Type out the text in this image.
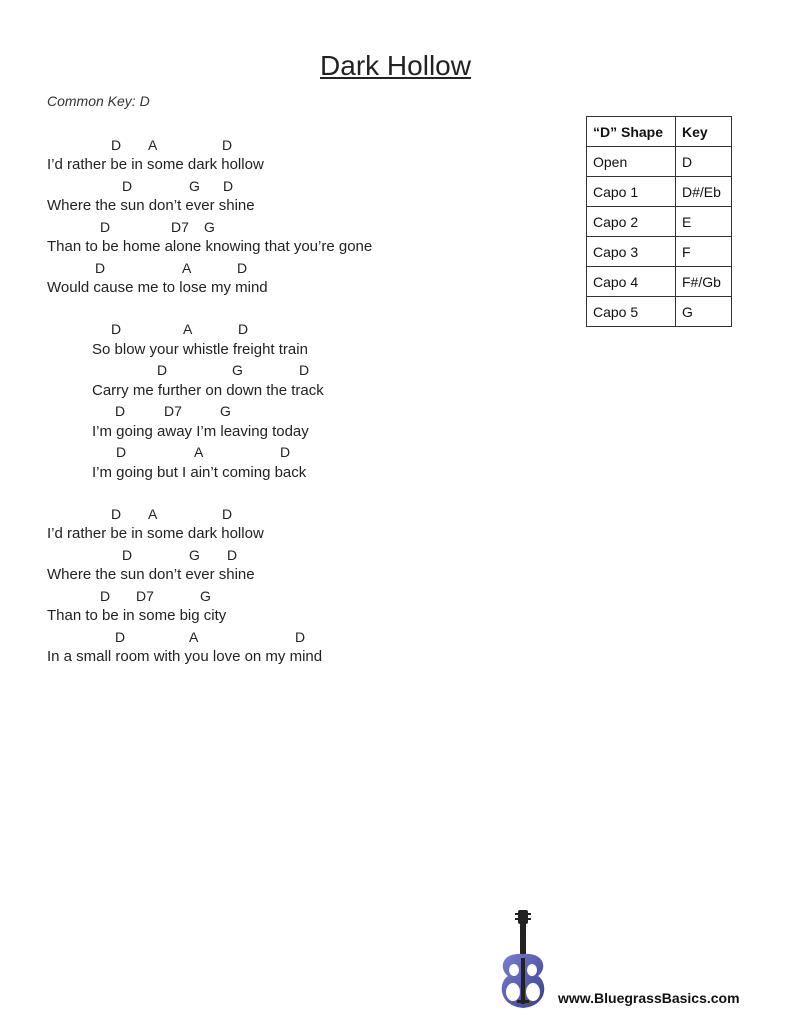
Dark Hollow
Common Key: D
D A	D
I’d rather be in some dark hollow
D	G D
Where the sun don’t ever shine
D	D7 G
Than to be home alone knowing that you’re gone
D	A	D
Would cause me to lose my mind
D	A	D
So blow your whistle freight train
D	G	D
Carry me further on down the track
D	D7	G
I’m going away I’m leaving today
D	A	D
I’m going but I ain’t coming back
D A	D
I’d rather be in some dark hollow
D	G D
Where the sun don’t ever shine
D D7	G
Than to be in some big city
D	A	D
In a small room with you love on my mind
“D” Shape	Key
Open	D
Capo 1	D#/Eb
Capo 2	E
Capo 3	F
Capo 4	F#/Gb
Capo 5	G
www.BluegrassBasics.com
